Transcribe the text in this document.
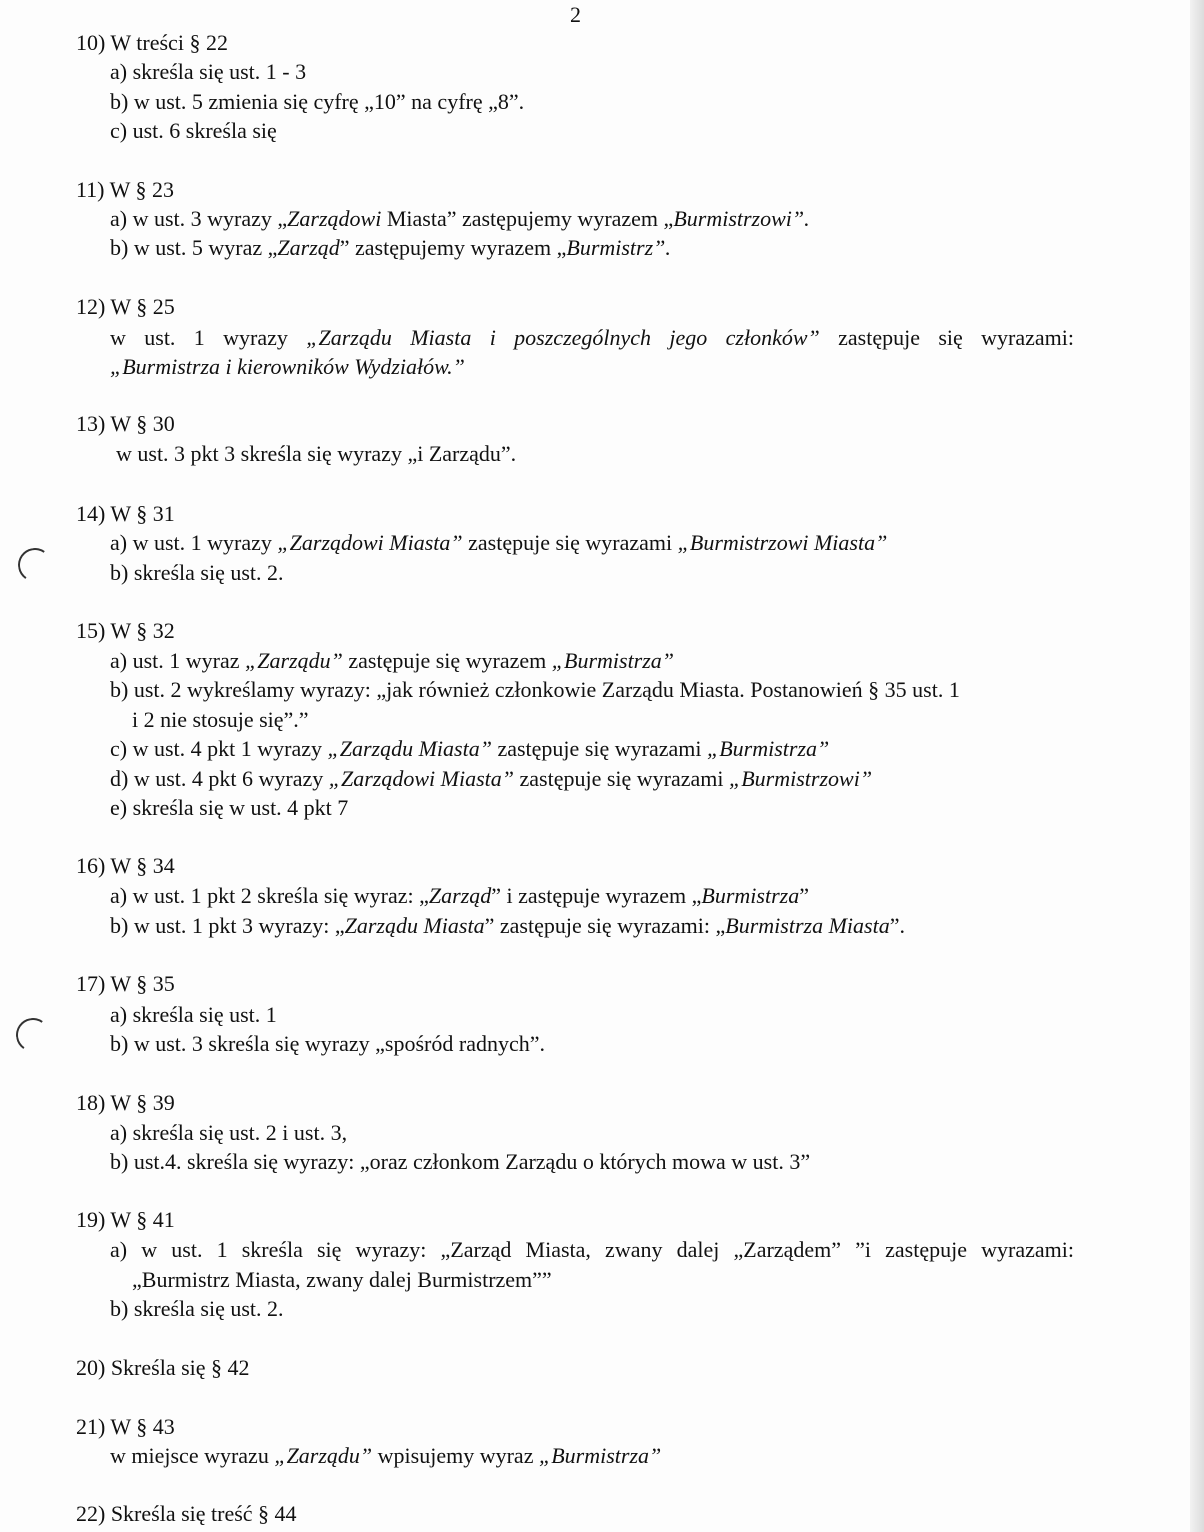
2
10) W treści § 22
a) skreśla się ust. 1 - 3
b) w ust. 5 zmienia się cyfrę „10” na cyfrę „8”.
c) ust. 6 skreśla się
11) W § 23
a) w ust. 3 wyrazy „Zarządowi Miasta” zastępujemy wyrazem „Burmistrzowi”.
b) w ust. 5 wyraz „Zarząd” zastępujemy wyrazem „Burmistrz”.
12) W § 25
w ust. 1 wyrazy „Zarządu Miasta i poszczególnych jego członków” zastępuje się wyrazami:
„Burmistrza i kierowników Wydziałów.”
13) W § 30
w ust. 3 pkt 3 skreśla się wyrazy „i Zarządu”.
14) W § 31
a) w ust. 1 wyrazy „Zarządowi Miasta” zastępuje się wyrazami „Burmistrzowi Miasta”
b) skreśla się ust. 2.
15) W § 32
a) ust. 1 wyraz „Zarządu” zastępuje się wyrazem „Burmistrza”
b) ust. 2 wykreślamy wyrazy: „jak również członkowie Zarządu Miasta. Postanowień § 35 ust. 1
i 2 nie stosuje się”.”
c) w ust. 4 pkt 1 wyrazy „Zarządu Miasta” zastępuje się wyrazami „Burmistrza”
d) w ust. 4 pkt 6 wyrazy „Zarządowi Miasta” zastępuje się wyrazami „Burmistrzowi”
e) skreśla się w ust. 4 pkt 7
16) W § 34
a) w ust. 1 pkt 2 skreśla się wyraz: „Zarząd” i zastępuje wyrazem „Burmistrza”
b) w ust. 1 pkt 3 wyrazy: „Zarządu Miasta” zastępuje się wyrazami: „Burmistrza Miasta”.
17) W § 35
a) skreśla się ust. 1
b) w ust. 3 skreśla się wyrazy „spośród radnych”.
18) W § 39
a) skreśla się ust. 2 i ust. 3,
b) ust.4. skreśla się wyrazy: „oraz członkom Zarządu o których mowa w ust. 3”
19) W § 41
a) w ust. 1 skreśla się wyrazy: „Zarząd Miasta, zwany dalej „Zarządem” ”i zastępuje wyrazami:
„Burmistrz Miasta, zwany dalej Burmistrzem””
b) skreśla się ust. 2.
20) Skreśla się § 42
21) W § 43
w miejsce wyrazu „Zarządu” wpisujemy wyraz „Burmistrza”
22) Skreśla się treść § 44
